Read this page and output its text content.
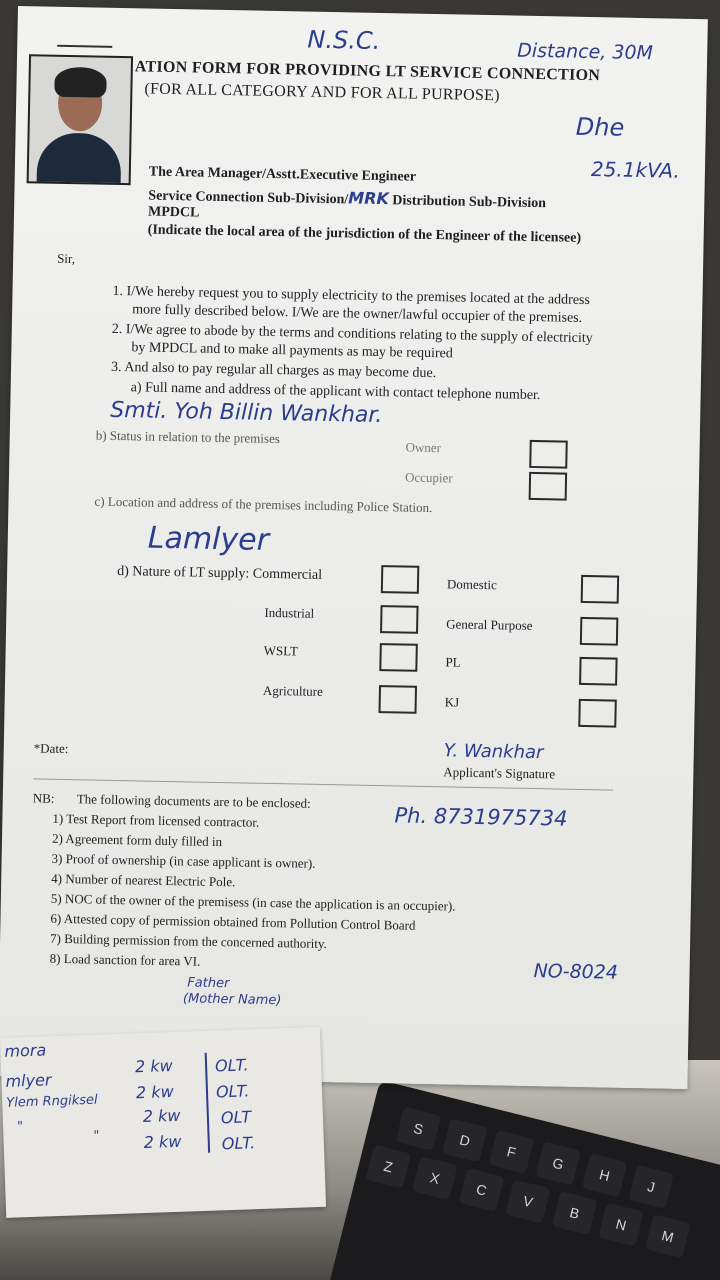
S
D
F
G
H
J
Z
X
C
V
B
N
M
N.S.C.	Distance, 30M
ATION FORM FOR PROVIDING LT SERVICE CONNECTION
(FOR ALL CATEGORY AND FOR ALL PURPOSE)
Dhe
25.1kVA.
The Area Manager/Asstt.Executive Engineer
Service Connection Sub-Division/MRK Distribution Sub-Division
MPDCL
(Indicate the local area of the jurisdiction of the Engineer of the licensee)
Sir,
1. I/We hereby request you to supply electricity to the premises located at the address
more fully described below. I/We are the owner/lawful occupier of the premises.
2. I/We agree to abode by the terms and conditions relating to the supply of electricity
by MPDCL and to make all payments as may be required
3. And also to pay regular all charges as may become due.
a) Full name and address of the applicant with contact telephone number.
Smti. Yoh Billin Wankhar.
b) Status in relation to the premises
Owner
Occupier
c) Location and address of the premises including Police Station.
Lamlyer
d) Nature of LT supply: Commercial
Domestic
Industrial
General Purpose
WSLT
PL
Agriculture
KJ
*Date:	Y. Wankhar
Applicant's Signature
NB: The following documents are to be enclosed:
Ph. 8731975734
1) Test Report from licensed contractor.
2) Agreement form duly filled in
3) Proof of ownership (in case applicant is owner).
4) Number of nearest Electric Pole.
5) NOC of the owner of the premisess (in case the application is an occupier).
6) Attested copy of permission obtained from Pollution Control Board
7) Building permission from the concerned authority.
8) Load sanction for area VI.
Father
(Mother Name)
NO-8024
mora
mlyer
Ylem Rngiksel
"
"
2 kw
2 kw
2 kw
2 kw
OLT.
OLT.
OLT
OLT.
